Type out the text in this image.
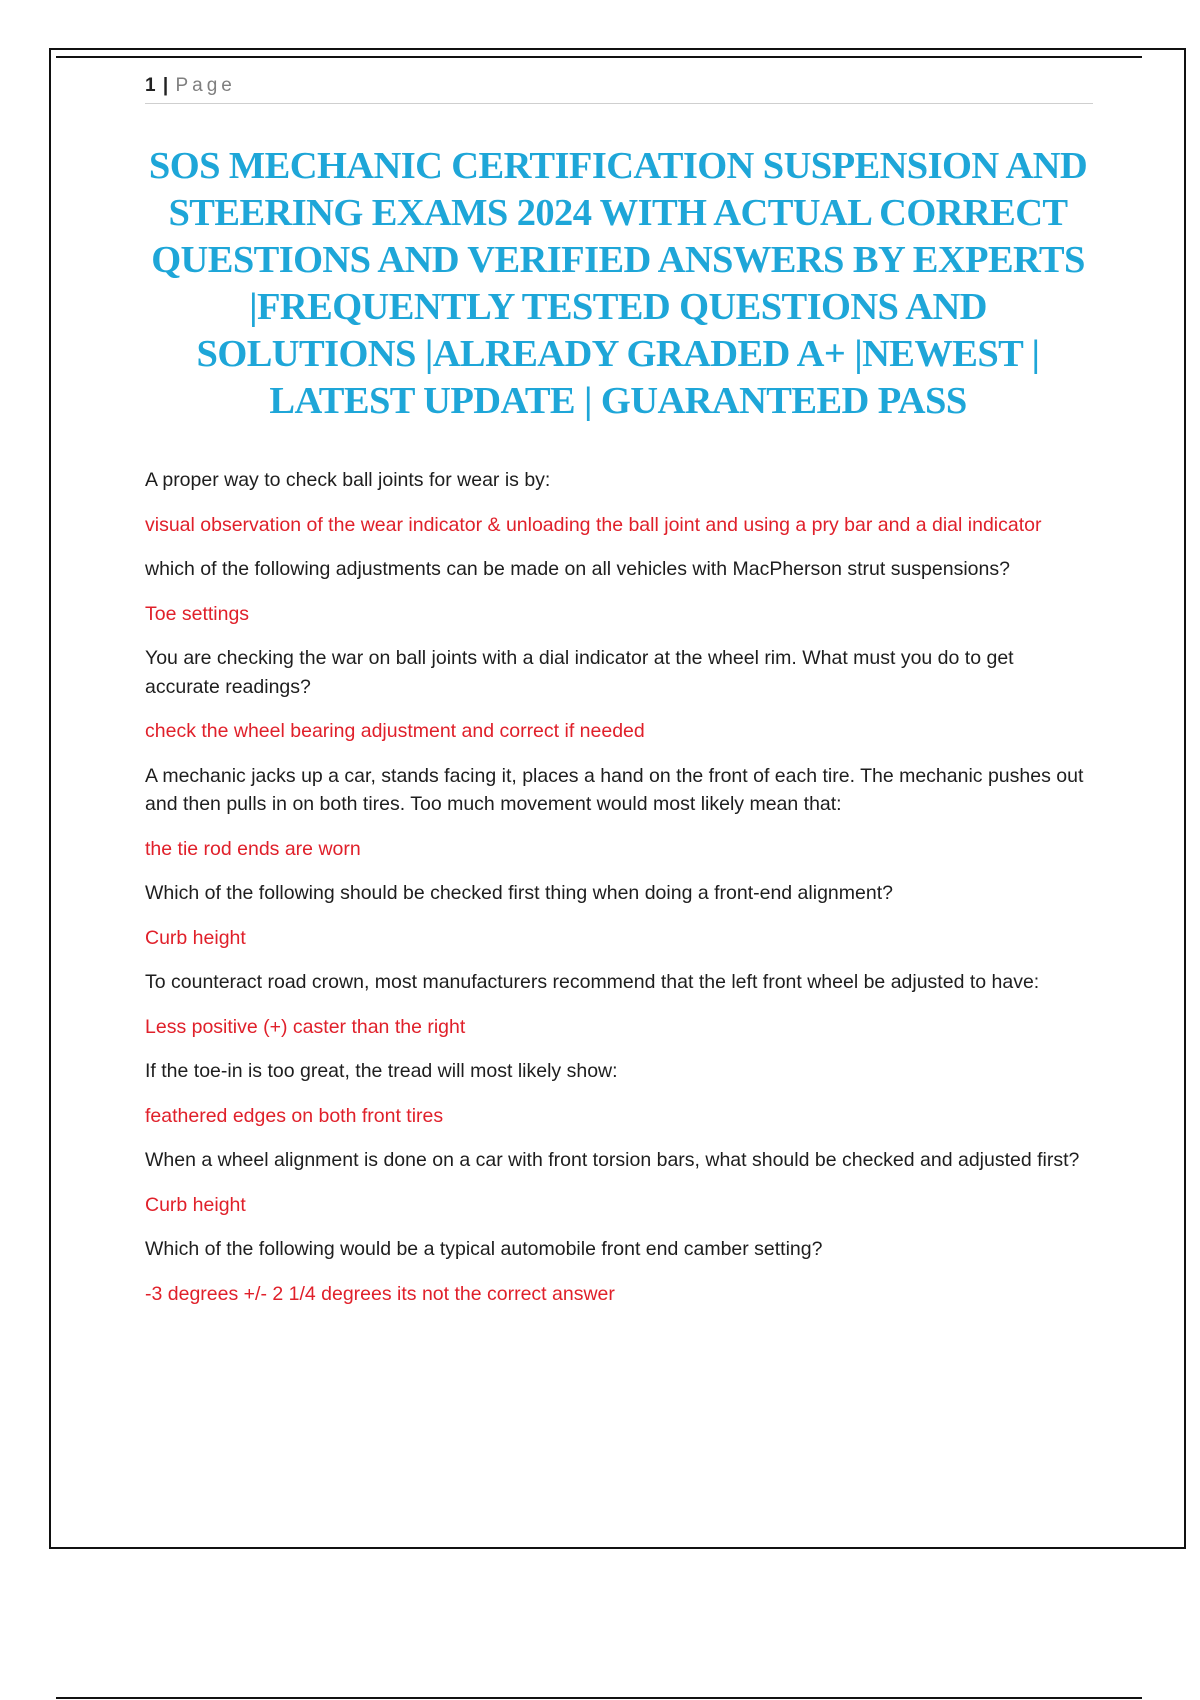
1 | Page
SOS MECHANIC CERTIFICATION SUSPENSION AND STEERING EXAMS 2024 WITH ACTUAL CORRECT QUESTIONS AND VERIFIED ANSWERS BY EXPERTS |FREQUENTLY TESTED QUESTIONS AND SOLUTIONS |ALREADY GRADED A+ |NEWEST | LATEST UPDATE | GUARANTEED PASS

A proper way to check ball joints for wear is by:

visual observation of the wear indicator & unloading the ball joint and using a pry bar and a dial indicator

which of the following adjustments can be made on all vehicles with MacPherson strut suspensions?

Toe settings

You are checking the war on ball joints with a dial indicator at the wheel rim. What must you do to get accurate readings?

check the wheel bearing adjustment and correct if needed

A mechanic jacks up a car, stands facing it, places a hand on the front of each tire. The mechanic pushes out and then pulls in on both tires. Too much movement would most likely mean that:

the tie rod ends are worn

Which of the following should be checked first thing when doing a front-end alignment?

Curb height

To counteract road crown, most manufacturers recommend that the left front wheel be adjusted to have:

Less positive (+) caster than the right

If the toe-in is too great, the tread will most likely show:

feathered edges on both front tires

When a wheel alignment is done on a car with front torsion bars, what should be checked and adjusted first?

Curb height

Which of the following would be a typical automobile front end camber setting?

-3 degrees +/- 2 1/4 degrees its not the correct answer
